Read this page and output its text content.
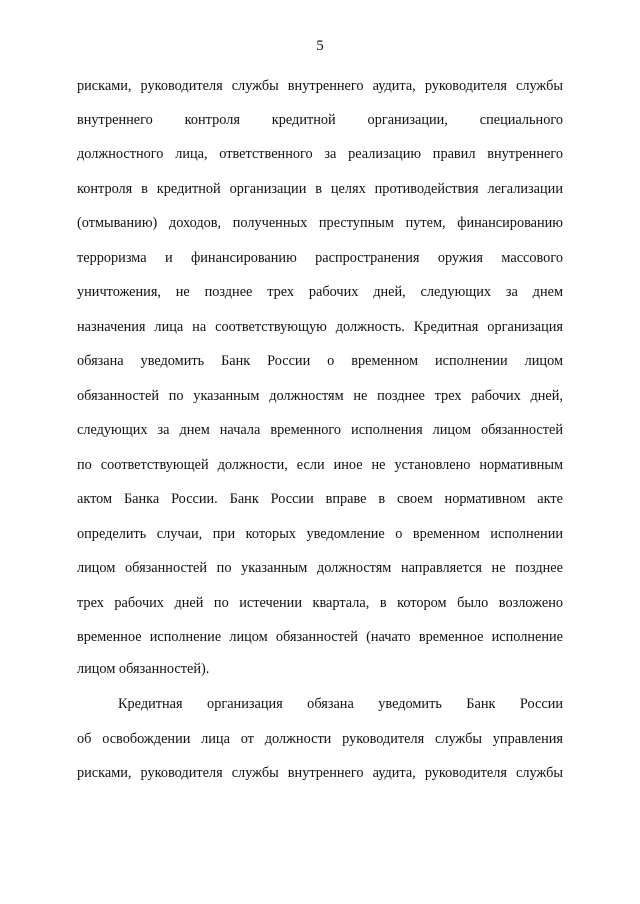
5
рисками, руководителя службы внутреннего аудита, руководителя службы
внутреннего контроля кредитной организации, специального
должностного лица, ответственного за реализацию правил внутреннего
контроля в кредитной организации в целях противодействия легализации
(отмыванию) доходов, полученных преступным путем, финансированию
терроризма и финансированию распространения оружия массового
уничтожения, не позднее трех рабочих дней, следующих за днем
назначения лица на соответствующую должность. Кредитная организация
обязана уведомить Банк России о временном исполнении лицом
обязанностей по указанным должностям не позднее трех рабочих дней,
следующих за днем начала временного исполнения лицом обязанностей
по соответствующей должности, если иное не установлено нормативным
актом Банка России. Банк России вправе в своем нормативном акте
определить случаи, при которых уведомление о временном исполнении
лицом обязанностей по указанным должностям направляется не позднее
трех рабочих дней по истечении квартала, в котором было возложено
временное исполнение лицом обязанностей (начато временное исполнение
лицом обязанностей).
Кредитная организация обязана уведомить Банк России
об освобождении лица от должности руководителя службы управления
рисками, руководителя службы внутреннего аудита, руководителя службы
